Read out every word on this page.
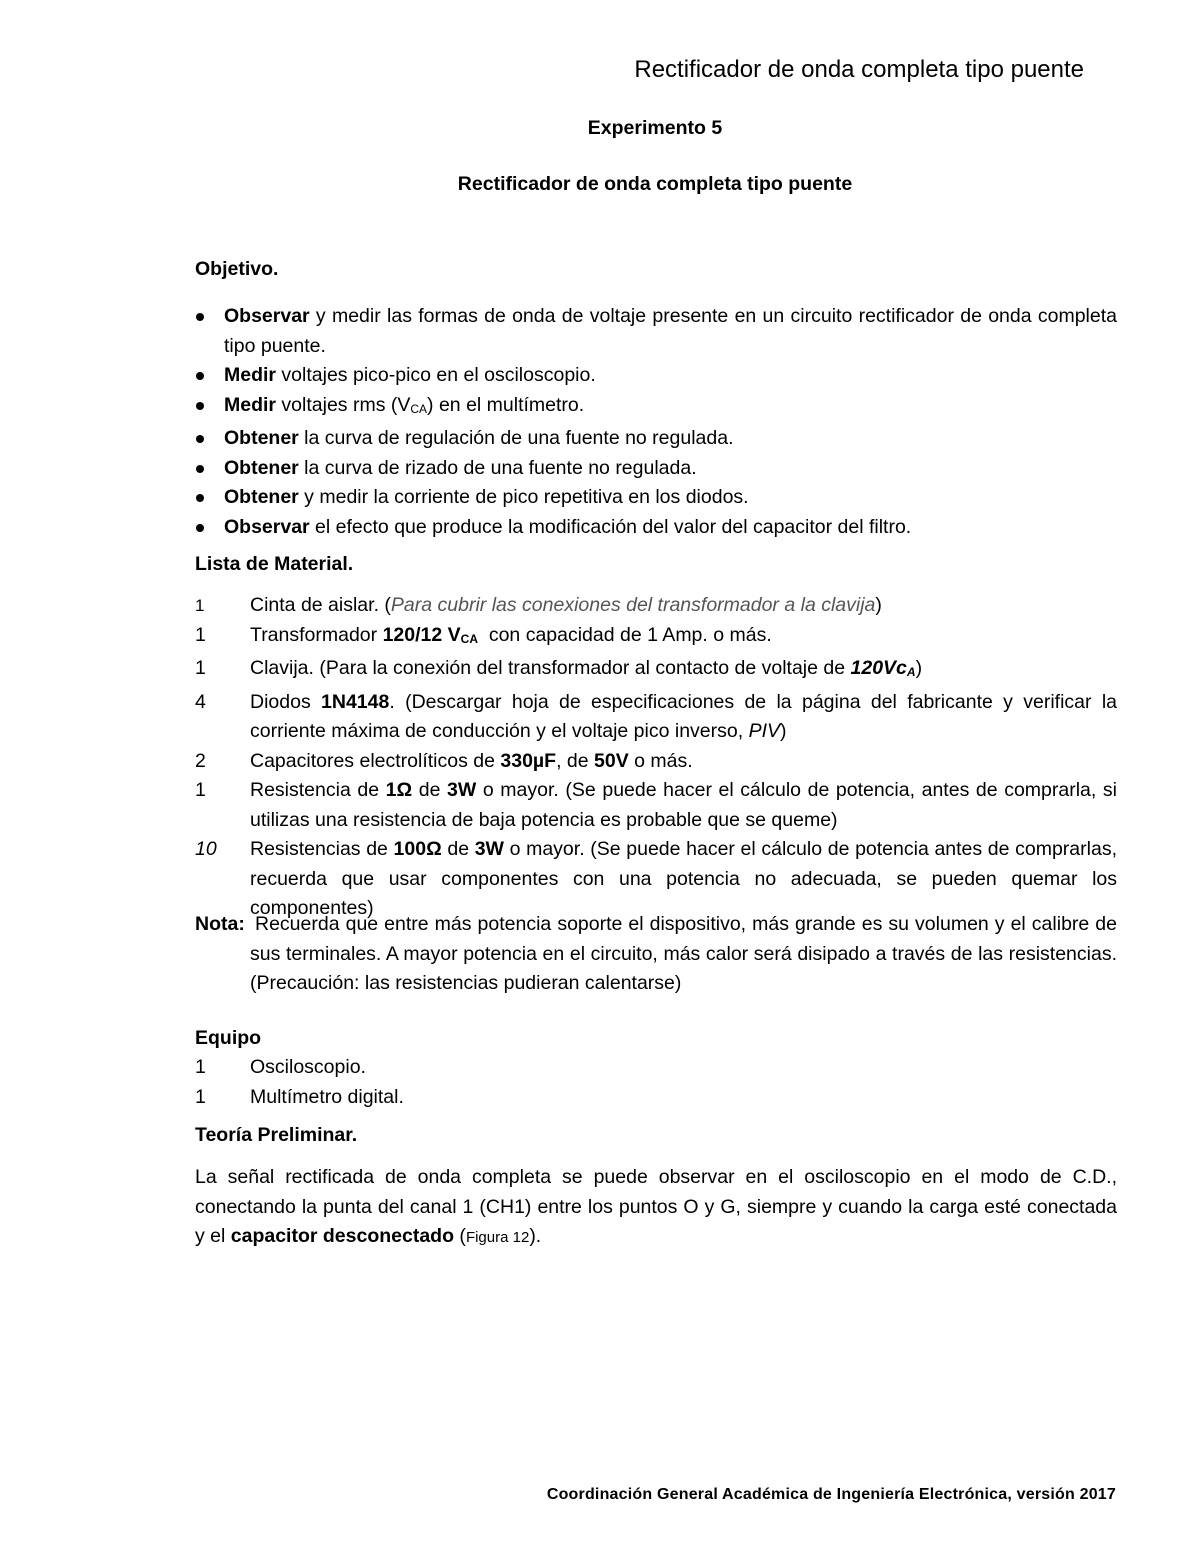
Rectificador de onda completa tipo puente
Experimento 5
Rectificador de onda completa tipo puente
Objetivo.
Observar y medir las formas de onda de voltaje presente en un circuito rectificador de onda completa tipo puente.
Medir voltajes pico-pico en el osciloscopio.
Medir voltajes rms (VCA) en el multímetro.
Obtener la curva de regulación de una fuente no regulada.
Obtener la curva de rizado de una fuente no regulada.
Obtener y medir la corriente de pico repetitiva en los diodos.
Observar el efecto que produce la modificación del valor del capacitor del filtro.
Lista de Material.
1	Cinta de aislar. (Para cubrir las conexiones del transformador a la clavija)
1	Transformador 120/12 VCA  con capacidad de 1 Amp. o más.
1	Clavija. (Para la conexión del transformador al contacto de voltaje de 120VcA)
4	Diodos 1N4148. (Descargar hoja de especificaciones de la página del fabricante y verificar la corriente máxima de conducción y el voltaje pico inverso, PIV)
2	Capacitores electrolíticos de 330µF, de 50V o más.
1	Resistencia de 1Ω de 3W o mayor. (Se puede hacer el cálculo de potencia, antes de comprarla, si utilizas una resistencia de baja potencia es probable que se queme)
10	Resistencias de 100Ω de 3W o mayor. (Se puede hacer el cálculo de potencia antes de comprarlas, recuerda que usar componentes con una potencia no adecuada, se pueden quemar los componentes)
Nota: Recuerda que entre más potencia soporte el dispositivo, más grande es su volumen y el calibre de sus terminales. A mayor potencia en el circuito, más calor será disipado a través de las resistencias. (Precaución: las resistencias pudieran calentarse)
Equipo
1	Osciloscopio.
1	Multímetro digital.
Teoría Preliminar.
La señal rectificada de onda completa se puede observar en el osciloscopio en el modo de C.D., conectando la punta del canal 1 (CH1) entre los puntos O y G, siempre y cuando la carga esté conectada y el capacitor desconectado (Figura 12).
Coordinación General Académica de Ingeniería Electrónica, versión 2017
